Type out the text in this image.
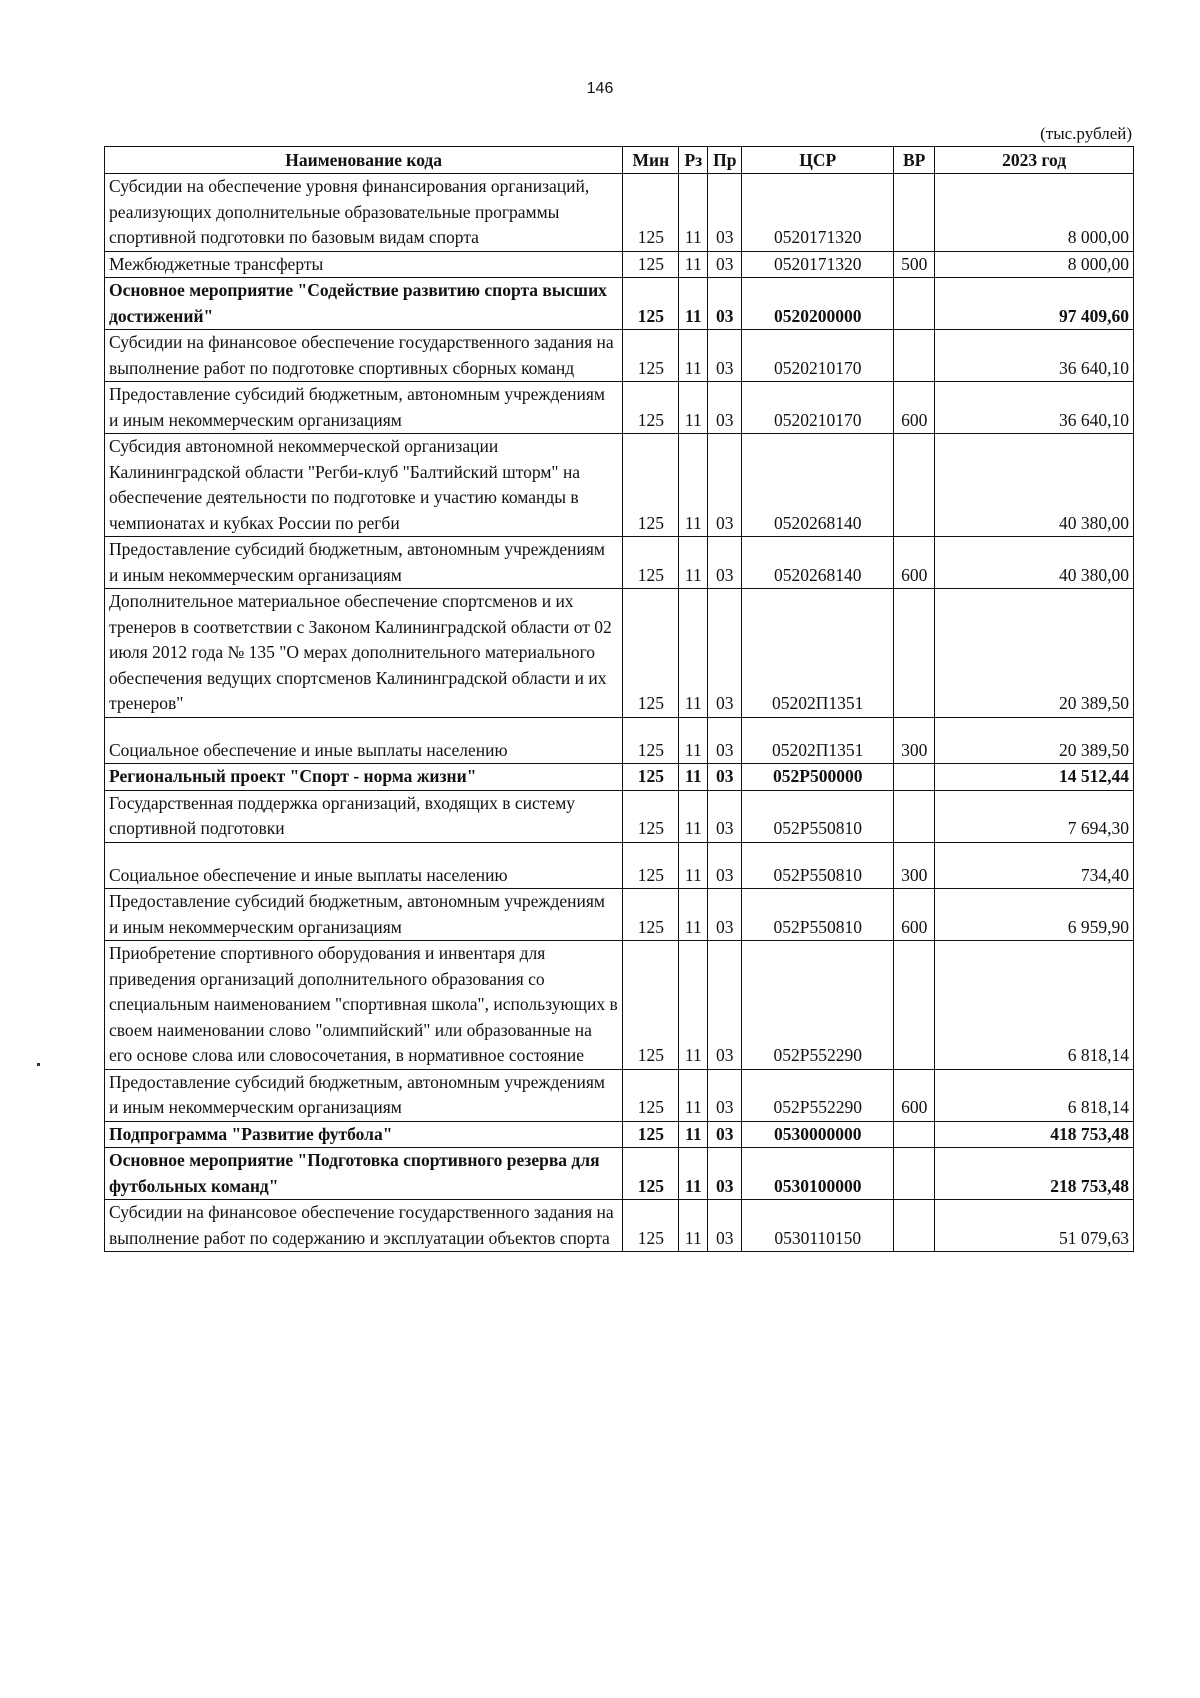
146
(тыс.рублей)
Наименование кода	Мин	Рз	Пр	ЦСР	ВР	2023 год
Субсидии на обеспечение уровня финансирования организаций, реализующих дополнительные образовательные программы спортивной подготовки по базовым видам спорта	125	11	03	0520171320		8 000,00
Межбюджетные трансферты	125	11	03	0520171320	500	8 000,00
Основное мероприятие "Содействие развитию спорта высших достижений"	125	11	03	0520200000		97 409,60
Субсидии на финансовое обеспечение государственного задания на выполнение работ по подготовке спортивных сборных команд	125	11	03	0520210170		36 640,10
Предоставление субсидий бюджетным, автономным учреждениям и иным некоммерческим организациям	125	11	03	0520210170	600	36 640,10
Субсидия автономной некоммерческой организации Калининградской области "Регби-клуб "Балтийский шторм" на обеспечение деятельности по подготовке и участию команды в чемпионатах и кубках России по регби	125	11	03	0520268140		40 380,00
Предоставление субсидий бюджетным, автономным учреждениям и иным некоммерческим организациям	125	11	03	0520268140	600	40 380,00
Дополнительное материальное обеспечение спортсменов и их тренеров в соответствии с Законом Калининградской области от 02 июля 2012 года № 135 "О мерах дополнительного материального обеспечения ведущих спортсменов Калининградской области и их тренеров"	125	11	03	05202П1351		20 389,50

Социальное обеспечение и иные выплаты населению	125	11	03	05202П1351	300	20 389,50
Региональный проект "Спорт - норма жизни"	125	11	03	052P500000		14 512,44
Государственная поддержка организаций, входящих в систему спортивной подготовки	125	11	03	052P550810		7 694,30

Социальное обеспечение и иные выплаты населению	125	11	03	052P550810	300	734,40
Предоставление субсидий бюджетным, автономным учреждениям и иным некоммерческим организациям	125	11	03	052P550810	600	6 959,90
Приобретение спортивного оборудования и инвентаря для приведения организаций дополнительного образования со специальным наименованием "спортивная школа", использующих в своем наименовании слово "олимпийский" или образованные на его основе слова или словосочетания, в нормативное состояние	125	11	03	052P552290		6 818,14
Предоставление субсидий бюджетным, автономным учреждениям и иным некоммерческим организациям	125	11	03	052P552290	600	6 818,14
Подпрограмма "Развитие футбола"	125	11	03	0530000000		418 753,48
Основное мероприятие "Подготовка спортивного резерва для футбольных команд"	125	11	03	0530100000		218 753,48
Субсидии на финансовое обеспечение государственного задания на выполнение работ по содержанию и эксплуатации объектов спорта	125	11	03	0530110150		51 079,63
